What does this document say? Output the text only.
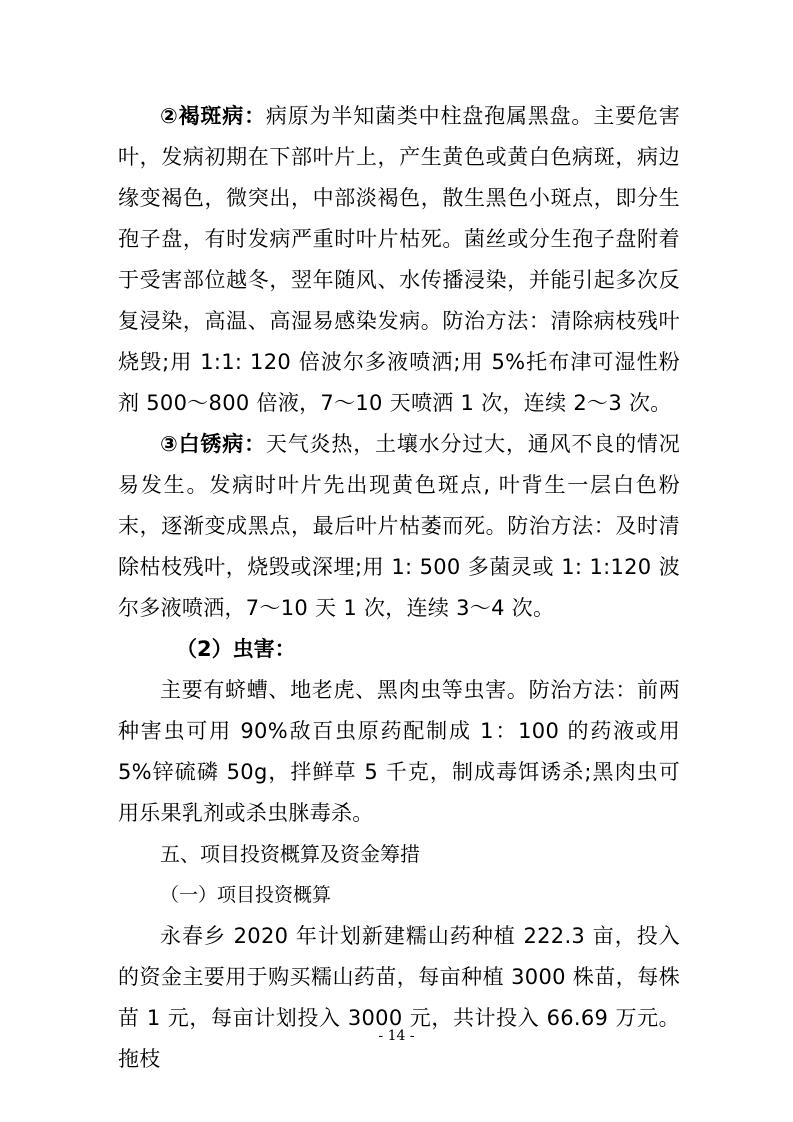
②褐斑病：病原为半知菌类中柱盘孢属黑盘。主要危害叶，发病初期在下部叶片上，产生黄色或黄白色病斑，病边缘变褐色，微突出，中部淡褐色，散生黑色小斑点，即分生孢子盘，有时发病严重时叶片枯死。菌丝或分生孢子盘附着于受害部位越冬，翌年随风、水传播浸染，并能引起多次反复浸染，高温、高湿易感染发病。防治方法：清除病枝残叶烧毁;用 1:1: 120 倍波尔多液喷洒;用 5%托布津可湿性粉剂 500～800 倍液，7～10 天喷洒 1 次，连续 2～3 次。

③白锈病：天气炎热，土壤水分过大，通风不良的情况易发生。发病时叶片先出现黄色斑点, 叶背生一层白色粉末，逐渐变成黑点，最后叶片枯萎而死。防治方法：及时清除枯枝残叶，烧毁或深埋;用 1: 500 多菌灵或 1: 1:120 波尔多液喷洒，7～10 天 1 次，连续 3～4 次。

（2）虫害：

主要有蛴螬、地老虎、黑肉虫等虫害。防治方法：前两种害虫可用 90%敌百虫原药配制成 1：100 的药液或用 5%锌硫磷 50g，拌鲜草 5 千克，制成毒饵诱杀;黑肉虫可用乐果乳剂或杀虫脒毒杀。

五、项目投资概算及资金筹措

（一）项目投资概算

永春乡 2020 年计划新建糯山药种植 222.3 亩，投入的资金主要用于购买糯山药苗，每亩种植 3000 株苗，每株苗 1 元，每亩计划投入 3000 元，共计投入 66.69 万元。拖枝

- 14 -
